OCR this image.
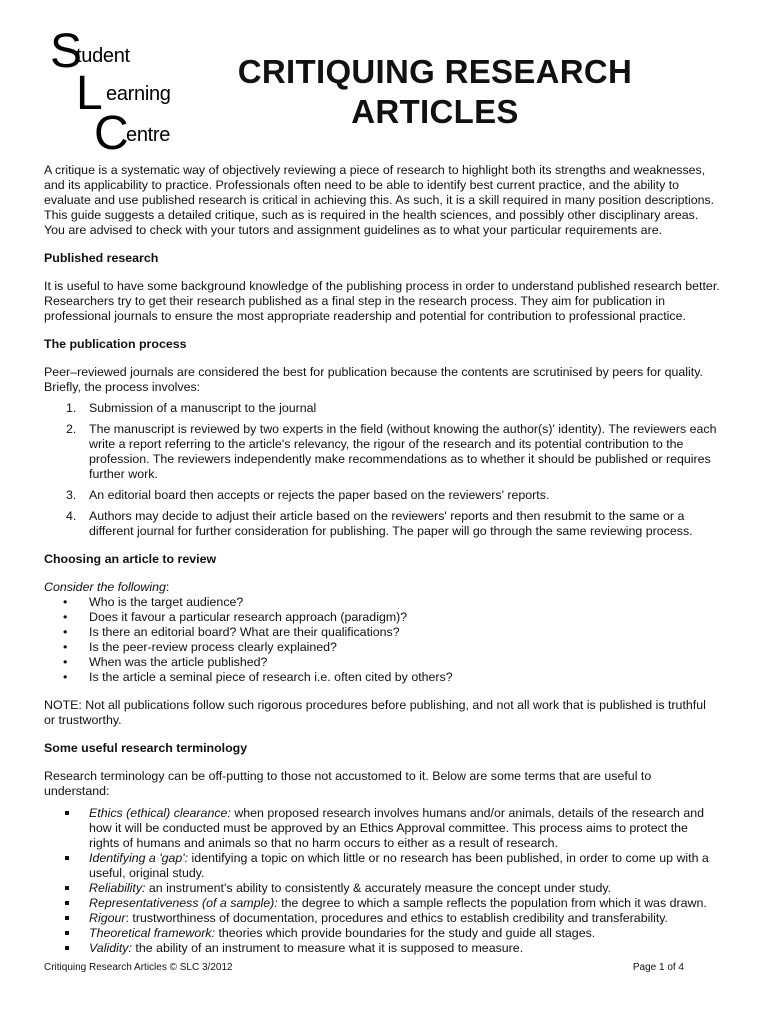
S
tudent
L earning
C
entre
CRITIQUING RESEARCH
ARTICLES

A critique is a systematic way of objectively reviewing a piece of research to highlight both its strengths and weaknesses, and its applicability to practice. Professionals often need to be able to identify best current practice, and the ability to evaluate and use published research is critical in achieving this. As such, it is a skill required in many position descriptions. This guide suggests a detailed critique, such as is required in the health sciences, and possibly other disciplinary areas. You are advised to check with your tutors and assignment guidelines as to what your particular requirements are.

Published research

It is useful to have some background knowledge of the publishing process in order to understand published research better. Researchers try to get their research published as a final step in the research process. They aim for publication in professional journals to ensure the most appropriate readership and potential for contribution to professional practice.

The publication process

Peer–reviewed journals are considered the best for publication because the contents are scrutinised by peers for quality. Briefly, the process involves:

1. Submission of a manuscript to the journal
2. The manuscript is reviewed by two experts in the field (without knowing the author(s)' identity). The reviewers each write a report referring to the article's relevancy, the rigour of the research and its potential contribution to the profession. The reviewers independently make recommendations as to whether it should be published or requires further work.
3. An editorial board then accepts or rejects the paper based on the reviewers' reports.
4. Authors may decide to adjust their article based on the reviewers' reports and then resubmit to the same or a different journal for further consideration for publishing. The paper will go through the same reviewing process.
Choosing an article to review

Consider the following:

• Who is the target audience?
• Does it favour a particular research approach (paradigm)?
• Is there an editorial board? What are their qualifications?
• Is the peer-review process clearly explained?
• When was the article published?
• Is the article a seminal piece of research i.e. often cited by others?

NOTE: Not all publications follow such rigorous procedures before publishing, and not all work that is published is truthful or trustworthy.

Some useful research terminology

Research terminology can be off-putting to those not accustomed to it. Below are some terms that are useful to understand:

Ethics (ethical) clearance: when proposed research involves humans and/or animals, details of the research and how it will be conducted must be approved by an Ethics Approval committee. This process aims to protect the rights of humans and animals so that no harm occurs to either as a result of research.
Identifying a 'gap': identifying a topic on which little or no research has been published, in order to come up with a useful, original study.
Reliability: an instrument's ability to consistently & accurately measure the concept under study.
Representativeness (of a sample): the degree to which a sample reflects the population from which it was drawn.
Rigour: trustworthiness of documentation, procedures and ethics to establish credibility and transferability.
Theoretical framework: theories which provide boundaries for the study and guide all stages.
Validity: the ability of an instrument to measure what it is supposed to measure.
Critiquing Research Articles © SLC 3/2012	Page 1 of 4
